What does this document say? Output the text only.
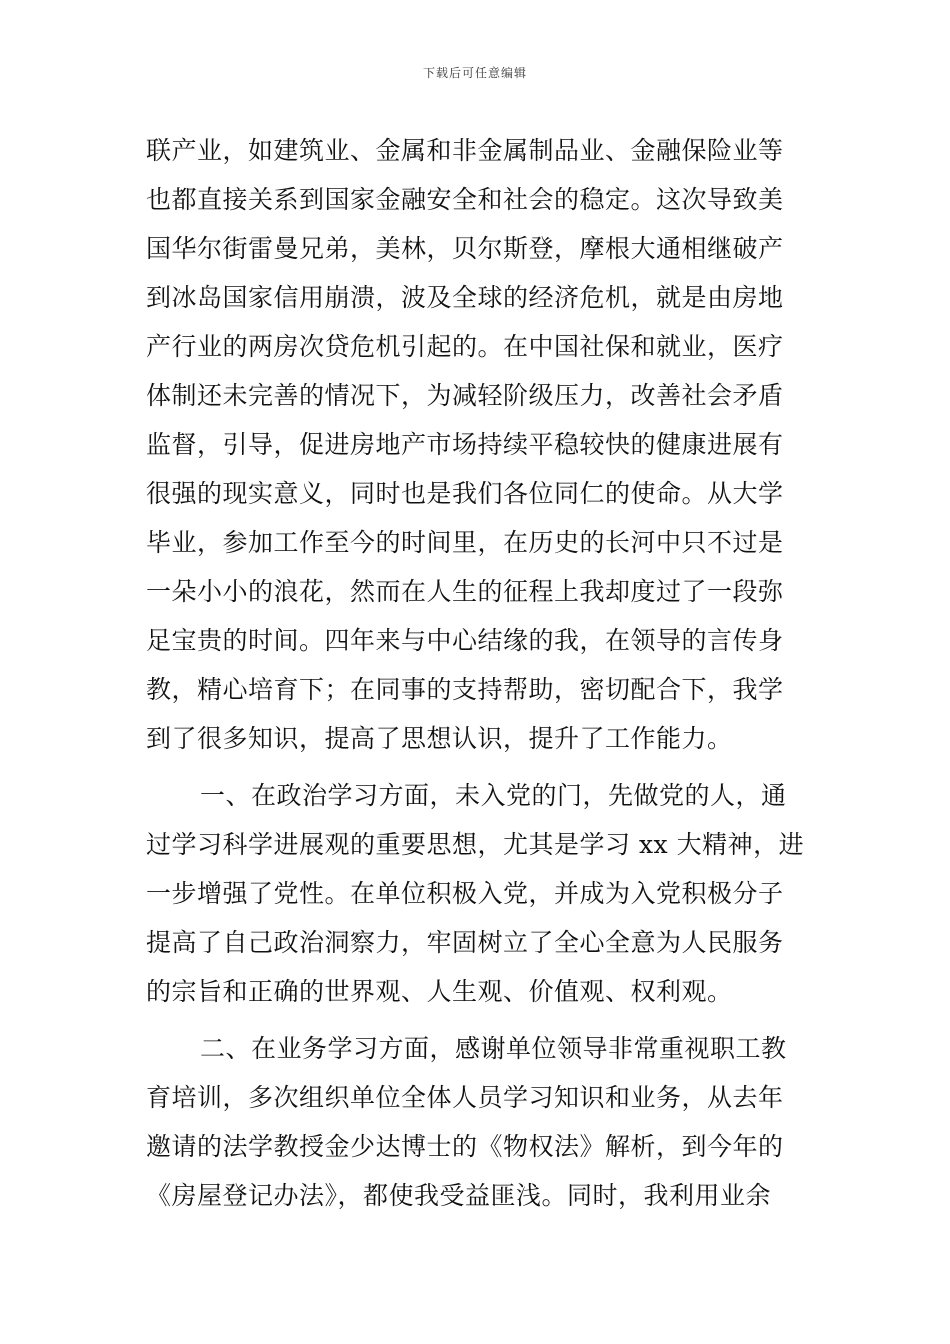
下载后可任意编辑
联产业，如建筑业、金属和非金属制品业、金融保险业等
也都直接关系到国家金融安全和社会的稳定。这次导致美
国华尔街雷曼兄弟，美林，贝尔斯登，摩根大通相继破产
到冰岛国家信用崩溃，波及全球的经济危机，就是由房地
产行业的两房次贷危机引起的。在中国社保和就业，医疗
体制还未完善的情况下，为减轻阶级压力，改善社会矛盾
监督，引导，促进房地产市场持续平稳较快的健康进展有
很强的现实意义，同时也是我们各位同仁的使命。从大学
毕业，参加工作至今的时间里，在历史的长河中只不过是
一朵小小的浪花，然而在人生的征程上我却度过了一段弥
足宝贵的时间。四年来与中心结缘的我，在领导的言传身
教，精心培育下；在同事的支持帮助，密切配合下，我学
到了很多知识，提高了思想认识，提升了工作能力。
一、在政治学习方面，未入党的门，先做党的人，通
过学习科学进展观的重要思想，尤其是学习 xx 大精神，进
一步增强了党性。在单位积极入党，并成为入党积极分子
提高了自己政治洞察力，牢固树立了全心全意为人民服务
的宗旨和正确的世界观、人生观、价值观、权利观。
二、在业务学习方面，感谢单位领导非常重视职工教
育培训，多次组织单位全体人员学习知识和业务，从去年
邀请的法学教授金少达博士的《物权法》解析，到今年的
《房屋登记办法》，都使我受益匪浅。同时，我利用业余
